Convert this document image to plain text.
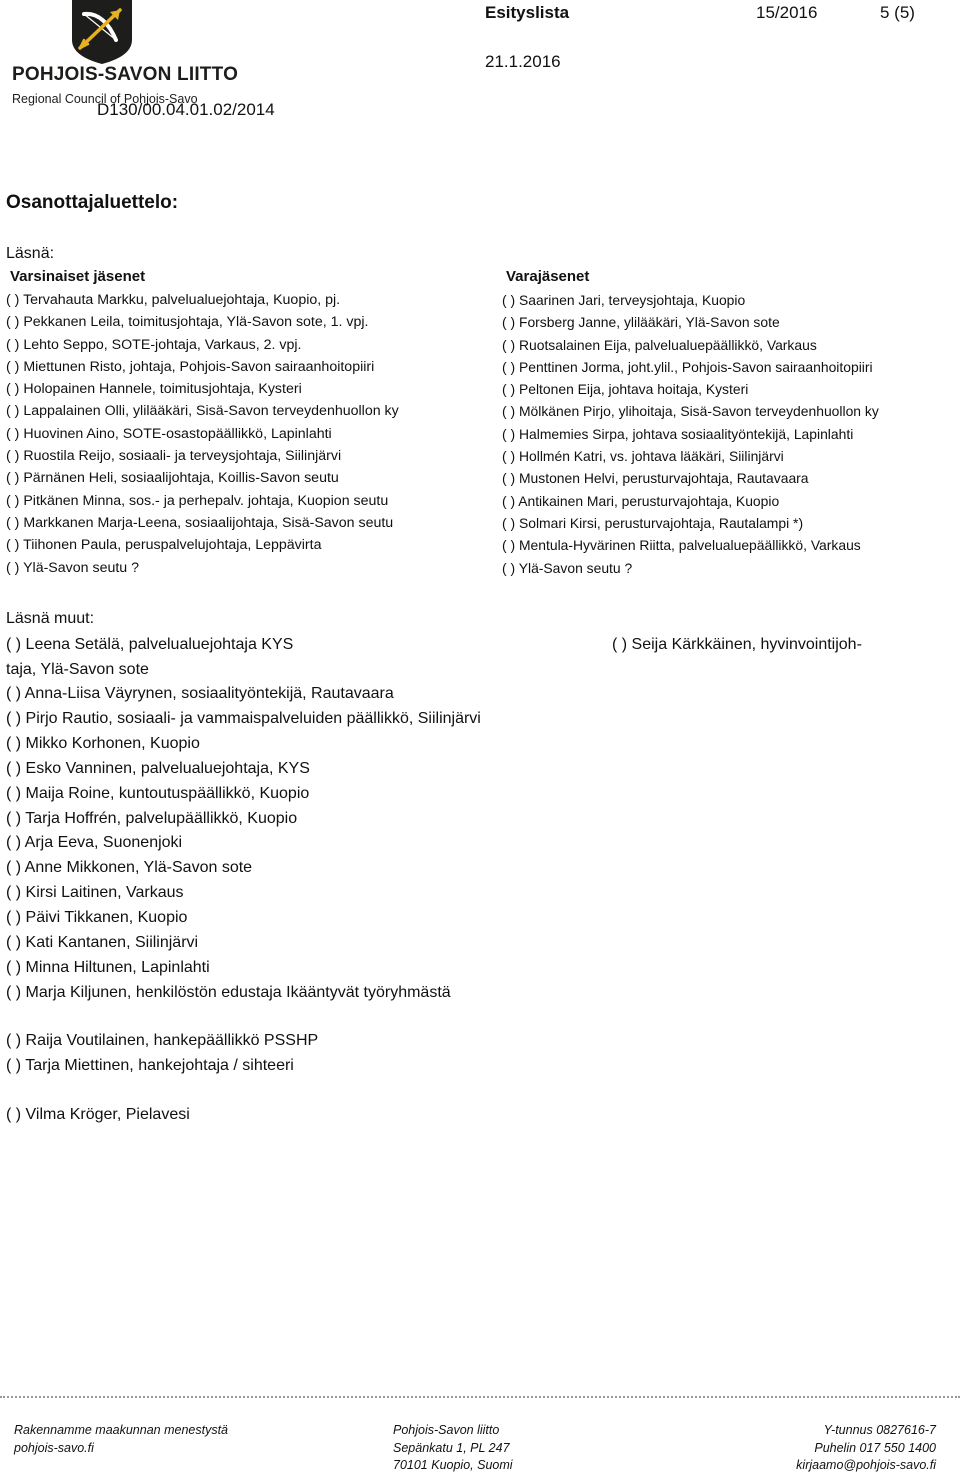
POHJOIS-SAVON LIITTO
Regional Council of Pohjois-Savo
D130/00.04.01.02/2014
Esityslista	15/2016	5 (5)
21.1.2016
Osanottajaluettelo:
Läsnä:
Varsinaiset jäsenet
( ) Tervahauta Markku, palvelualuejohtaja, Kuopio, pj.
( ) Pekkanen Leila, toimitusjohtaja, Ylä-Savon sote, 1. vpj.
( ) Lehto Seppo, SOTE-johtaja, Varkaus, 2. vpj.
( ) Miettunen Risto, johtaja, Pohjois-Savon sairaanhoitopiiri
( ) Holopainen Hannele, toimitusjohtaja, Kysteri
( ) Lappalainen Olli, ylilääkäri, Sisä-Savon terveydenhuollon ky
( ) Huovinen Aino, SOTE-osastopäällikkö, Lapinlahti
( ) Ruostila Reijo, sosiaali- ja terveysjohtaja, Siilinjärvi
( ) Pärnänen Heli, sosiaalijohtaja, Koillis-Savon seutu
( ) Pitkänen Minna, sos.- ja perhepalv. johtaja, Kuopion seutu
( ) Markkanen Marja-Leena, sosiaalijohtaja, Sisä-Savon seutu
( ) Tiihonen Paula, peruspalvelujohtaja, Leppävirta
( ) Ylä-Savon seutu ?
Varajäsenet
( ) Saarinen Jari, terveysjohtaja, Kuopio
( ) Forsberg Janne, ylilääkäri, Ylä-Savon sote
( ) Ruotsalainen Eija, palvelualuepäällikkö, Varkaus
( ) Penttinen Jorma, joht.ylil., Pohjois-Savon sairaanhoitopiiri
( ) Peltonen Eija, johtava hoitaja, Kysteri
( ) Mölkänen Pirjo, ylihoitaja, Sisä-Savon terveydenhuollon ky
( ) Halmemies Sirpa, johtava sosiaalityöntekijä, Lapinlahti
( ) Hollmén Katri, vs. johtava lääkäri, Siilinjärvi
( ) Mustonen Helvi, perusturvajohtaja, Rautavaara
( ) Antikainen Mari, perusturvajohtaja, Kuopio
( ) Solmari Kirsi, perusturvajohtaja, Rautalampi *)
( ) Mentula-Hyvärinen Riitta, palvelualuepäällikkö, Varkaus
( ) Ylä-Savon seutu ?
Läsnä muut:
( ) Leena Setälä, palvelualuejohtaja KYS	( ) Seija Kärkkäinen, hyvinvointijoh-
taja, Ylä-Savon sote
( ) Anna-Liisa Väyrynen, sosiaalityöntekijä, Rautavaara
( ) Pirjo Rautio, sosiaali- ja vammaispalveluiden päällikkö, Siilinjärvi
( ) Mikko Korhonen, Kuopio
( ) Esko Vanninen, palvelualuejohtaja, KYS
( ) Maija Roine, kuntoutuspäällikkö, Kuopio
( ) Tarja Hoffrén, palvelupäällikkö, Kuopio
( ) Arja Eeva, Suonenjoki
( ) Anne Mikkonen, Ylä-Savon sote
( ) Kirsi Laitinen, Varkaus
( ) Päivi Tikkanen, Kuopio
( ) Kati Kantanen, Siilinjärvi
( ) Minna Hiltunen, Lapinlahti
( ) Marja Kiljunen, henkilöstön edustaja Ikääntyvät työryhmästä
( ) Raija Voutilainen, hankepäällikkö PSSHP
( ) Tarja Miettinen, hankejohtaja / sihteeri
( ) Vilma Kröger, Pielavesi
Rakennamme maakunnan menestystä
pohjois-savo.fi
Pohjois-Savon liitto
Sepänkatu 1, PL 247
70101 Kuopio, Suomi
Y-tunnus 0827616-7
Puhelin 017 550 1400
kirjaamo@pohjois-savo.fi
